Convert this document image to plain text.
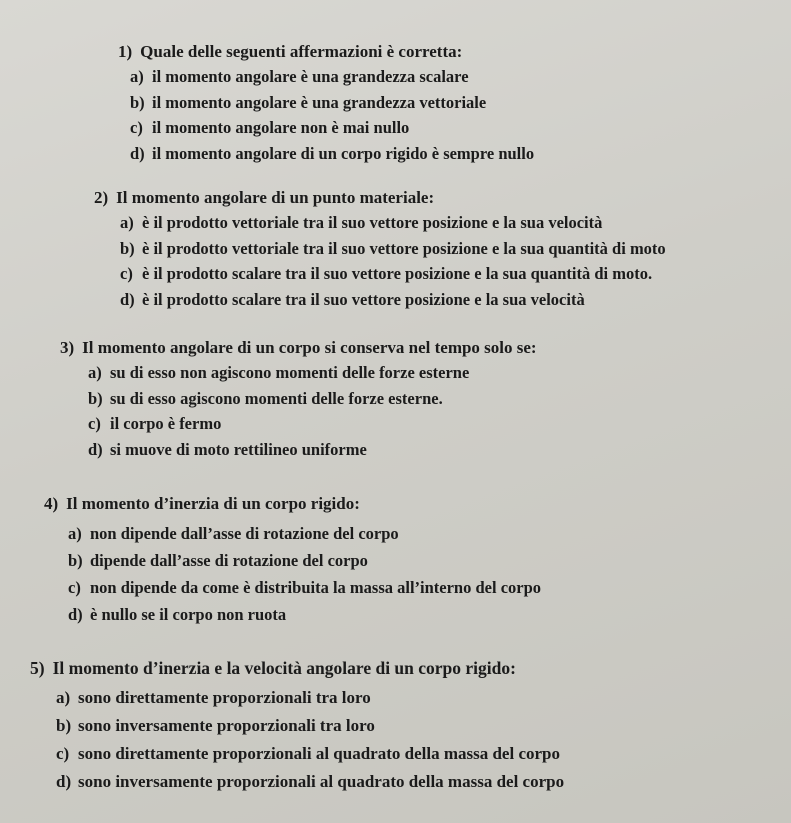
1) Quale delle seguenti affermazioni è corretta:
a) il momento angolare è una grandezza scalare
b) il momento angolare è una grandezza vettoriale
c) il momento angolare non è mai nullo
d) il momento angolare di un corpo rigido è sempre nullo
2) Il momento angolare di un punto materiale:
a) è il prodotto vettoriale tra il suo vettore posizione e la sua velocità
b) è il prodotto vettoriale tra il suo vettore posizione e la sua quantità di moto
c) è il prodotto scalare tra il suo vettore posizione e la sua quantità di moto.
d) è il prodotto scalare tra il suo vettore posizione e la sua velocità
3) Il momento angolare di un corpo si conserva nel tempo solo se:
a) su di esso non agiscono momenti delle forze esterne
b) su di esso agiscono momenti delle forze esterne.
c) il corpo è fermo
d) si muove di moto rettilineo uniforme
4) Il momento d’inerzia di un corpo rigido:
a) non dipende dall’asse di rotazione del corpo
b) dipende dall’asse di rotazione del corpo
c) non dipende da come è distribuita la massa all’interno del corpo
d) è nullo se il corpo non ruota
5) Il momento d’inerzia e la velocità angolare di un corpo rigido:
a) sono direttamente proporzionali tra loro
b) sono inversamente proporzionali tra loro
c) sono direttamente proporzionali al quadrato della massa del corpo
d) sono inversamente proporzionali al quadrato della massa del corpo
